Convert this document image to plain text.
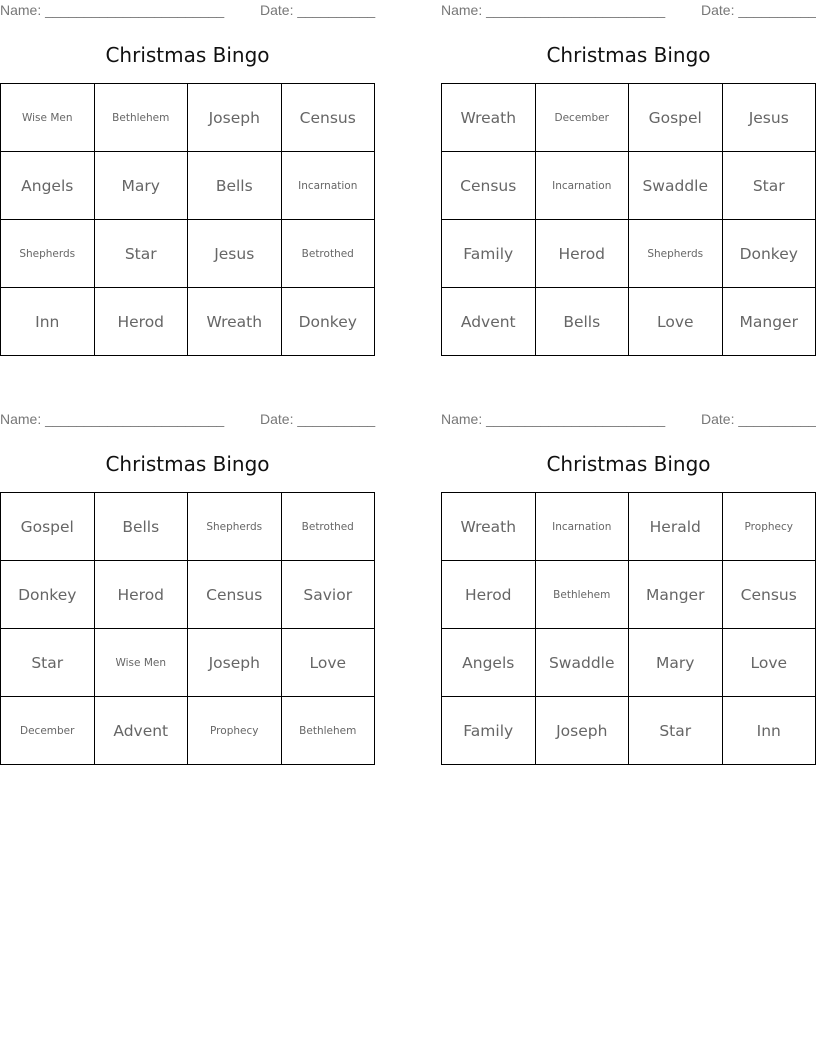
Name: _______________________	Date: __________
Christmas Bingo
Wise Men	Bethlehem	Joseph	Census
Angels	Mary	Bells	Incarnation
Shepherds	Star	Jesus	Betrothed
Inn	Herod	Wreath	Donkey
Name: _______________________	Date: __________
Christmas Bingo
Wreath	December	Gospel	Jesus
Census	Incarnation	Swaddle	Star
Family	Herod	Shepherds	Donkey
Advent	Bells	Love	Manger
Name: _______________________	Date: __________
Christmas Bingo
Gospel	Bells	Shepherds	Betrothed
Donkey	Herod	Census	Savior
Star	Wise Men	Joseph	Love
December	Advent	Prophecy	Bethlehem
Name: _______________________	Date: __________
Christmas Bingo
Wreath	Incarnation	Herald	Prophecy
Herod	Bethlehem	Manger	Census
Angels	Swaddle	Mary	Love
Family	Joseph	Star	Inn
